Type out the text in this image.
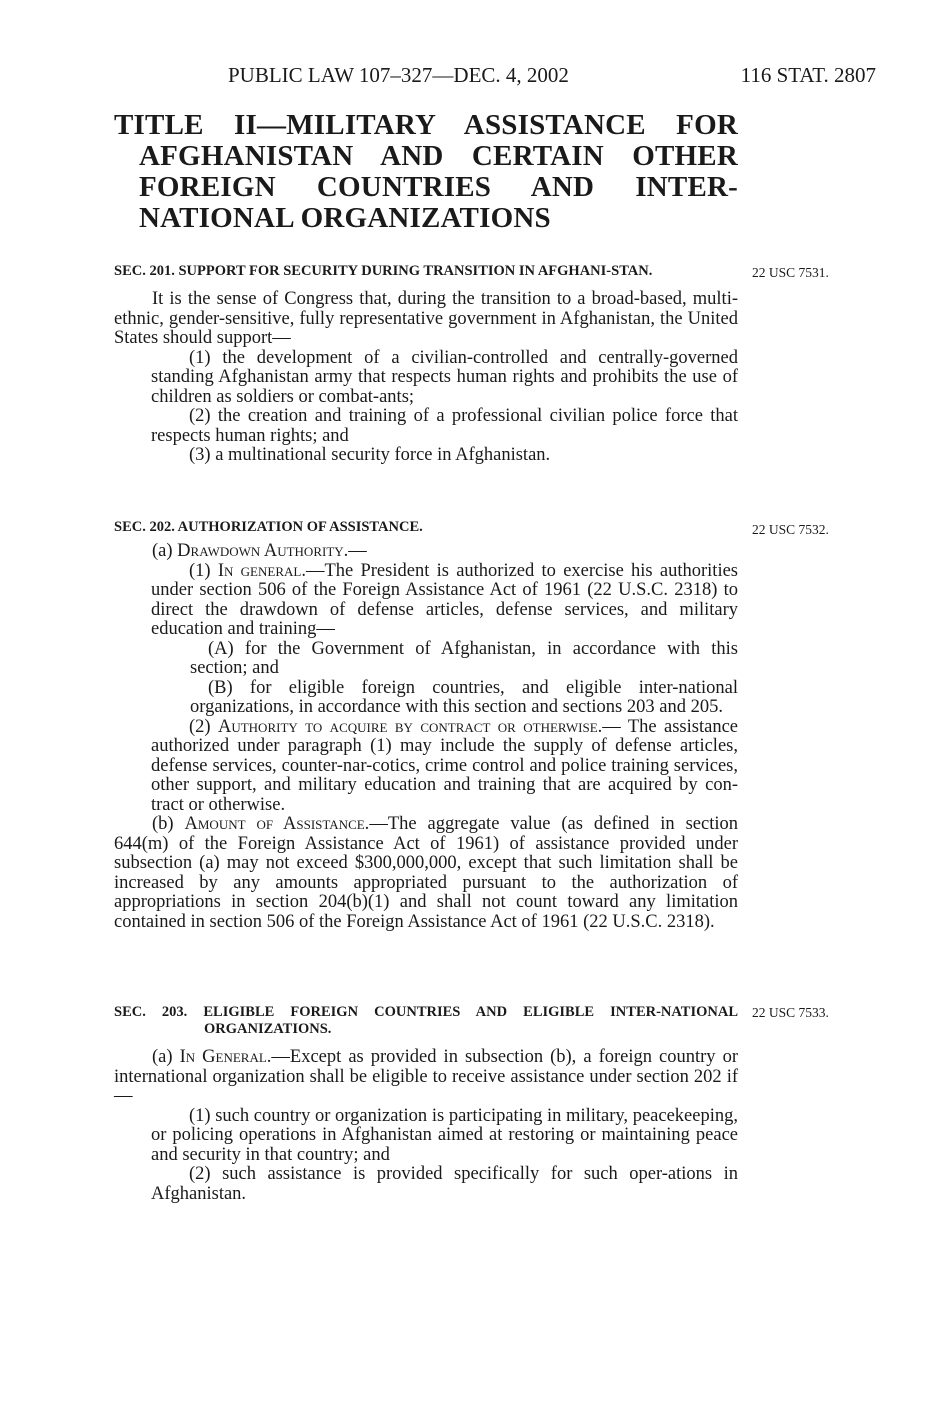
PUBLIC LAW 107–327—DEC. 4, 2002	116 STAT. 2807
TITLE II—MILITARY ASSISTANCE FOR
AFGHANISTAN AND CERTAIN OTHER
FOREIGN COUNTRIES AND INTER-
NATIONAL ORGANIZATIONS
22 USC 7531.
SEC. 201. SUPPORT FOR SECURITY DURING TRANSITION IN AFGHANI-STAN.

It is the sense of Congress that, during the transition to a broad-based, multi-ethnic, gender-sensitive, fully representative government in Afghanistan, the United States should support—

(1) the development of a civilian-controlled and centrally-governed standing Afghanistan army that respects human rights and prohibits the use of children as soldiers or combat-ants;

(2) the creation and training of a professional civilian police force that respects human rights; and

(3) a multinational security force in Afghanistan.

22 USC 7532.
SEC. 202. AUTHORIZATION OF ASSISTANCE.

(a) Drawdown Authority.—

(1) In general.—The President is authorized to exercise his authorities under section 506 of the Foreign Assistance Act of 1961 (22 U.S.C. 2318) to direct the drawdown of defense articles, defense services, and military education and training—

(A) for the Government of Afghanistan, in accordance with this section; and

(B) for eligible foreign countries, and eligible inter-national organizations, in accordance with this section and sections 203 and 205.

(2) Authority to acquire by contract or otherwise.— The assistance authorized under paragraph (1) may include the supply of defense articles, defense services, counter-nar-cotics, crime control and police training services, other support, and military education and training that are acquired by con-tract or otherwise.

(b) Amount of Assistance.—The aggregate value (as defined in section 644(m) of the Foreign Assistance Act of 1961) of assistance provided under subsection (a) may not exceed $300,000,000, except that such limitation shall be increased by any amounts appropriated pursuant to the authorization of appropriations in section 204(b)(1) and shall not count toward any limitation contained in section 506 of the Foreign Assistance Act of 1961 (22 U.S.C. 2318).

22 USC 7533.
SEC. 203. ELIGIBLE FOREIGN COUNTRIES AND ELIGIBLE INTER-NATIONAL ORGANIZATIONS.

(a) In General.—Except as provided in subsection (b), a foreign country or international organization shall be eligible to receive assistance under section 202 if—

(1) such country or organization is participating in military, peacekeeping, or policing operations in Afghanistan aimed at restoring or maintaining peace and security in that country; and

(2) such assistance is provided specifically for such oper-ations in Afghanistan.
